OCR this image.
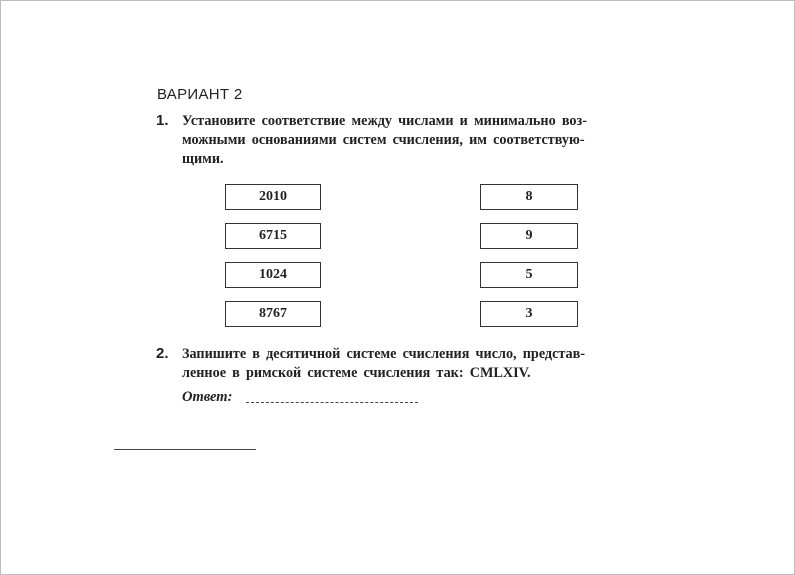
ВАРИАНТ 2
1. Установите соответствие между числами и минимально воз-
можными основаниями систем счисления, им соответствую-
щими.
2010
6715
1024
8767
8
9
5
3
2. Запишите в десятичной системе счисления число, представ-
ленное в римской системе счисления так: CMLXIV.
Ответ:
